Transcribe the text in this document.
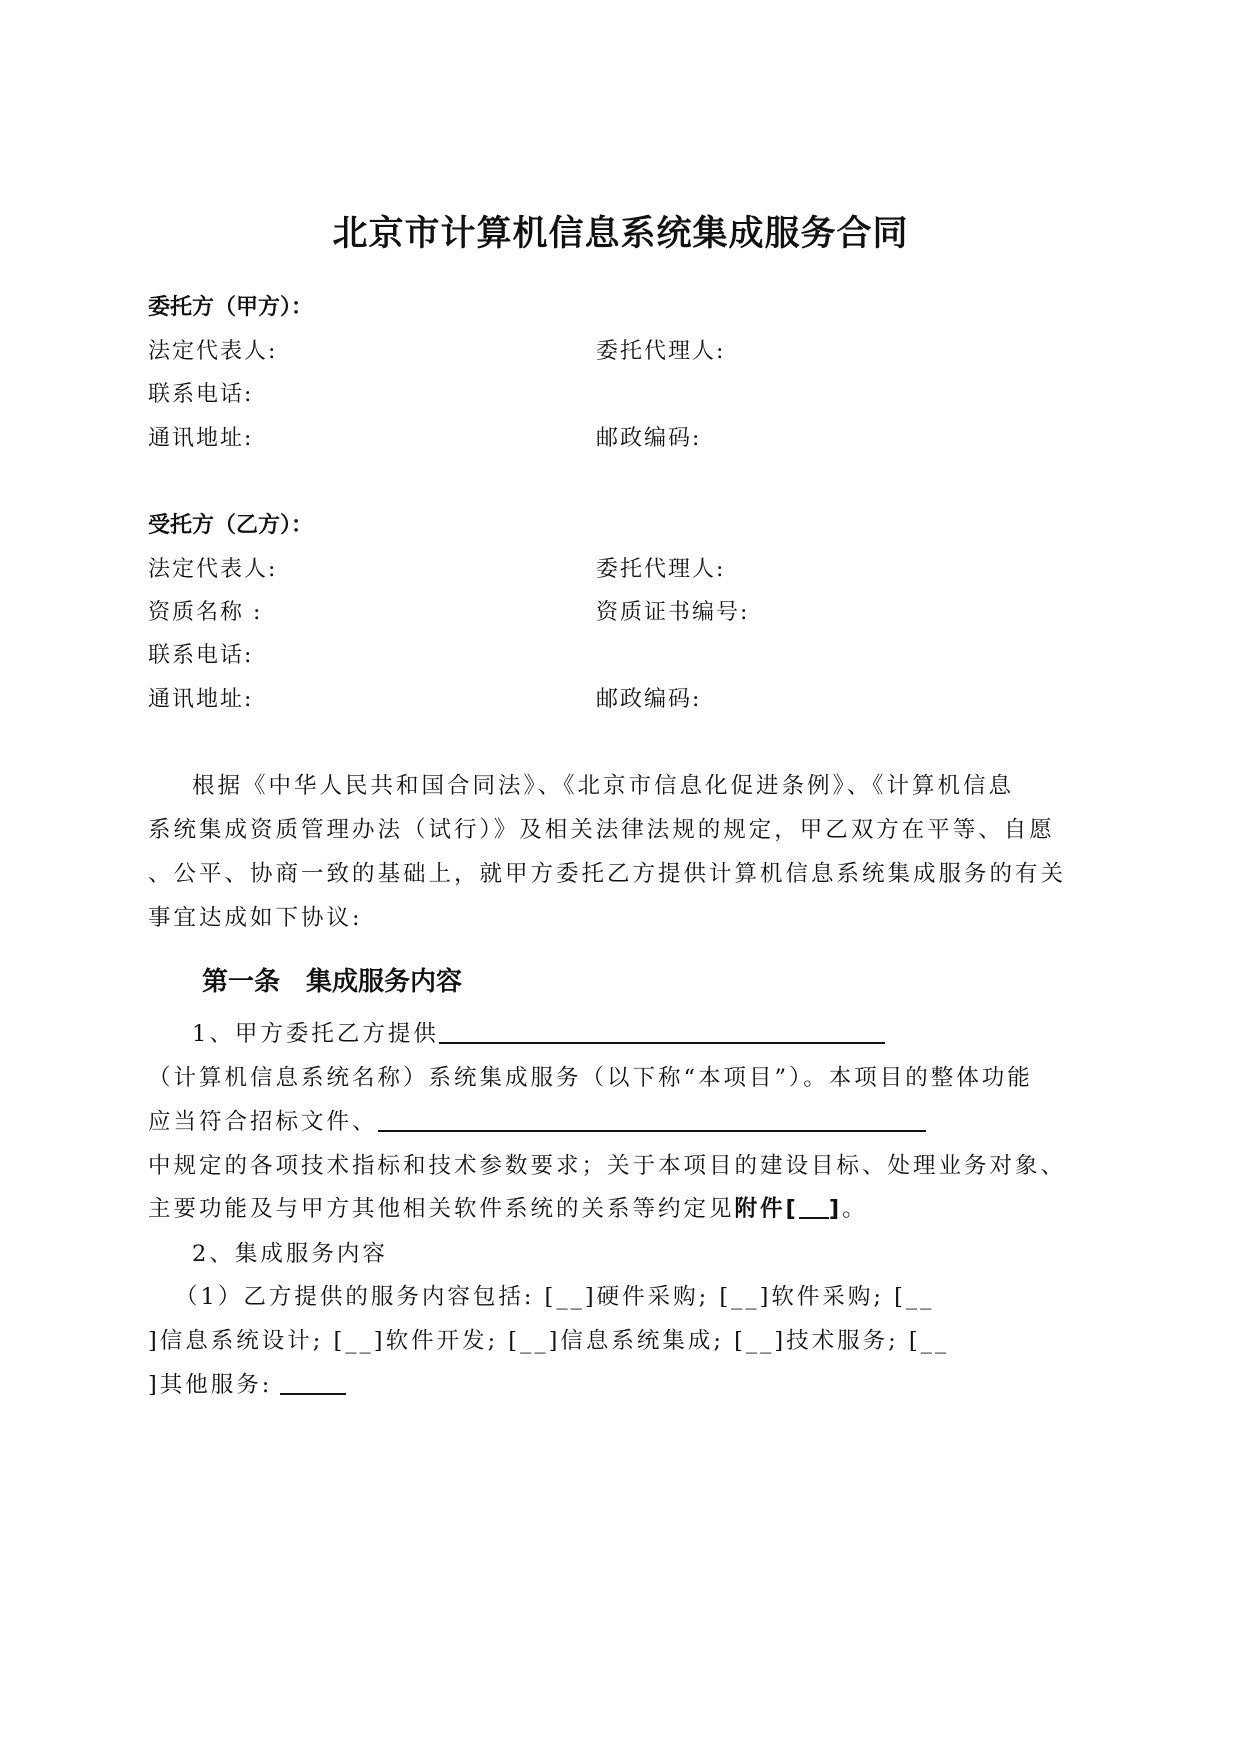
北京市计算机信息系统集成服务合同
委托方（甲方）：
法定代表人:	委托代理人:
联系电话:
通讯地址:	邮政编码:
受托方（乙方）：
法定代表人:	委托代理人:
资质名称 :	资质证书编号:
联系电话:
通讯地址:	邮政编码:
根据《中华人民共和国合同法》、《北京市信息化促进条例》、《计算机信息
系统集成资质管理办法（试行）》及相关法律法规的规定，甲乙双方在平等、自愿
、公平、协商一致的基础上，就甲方委托乙方提供计算机信息系统集成服务的有关
事宜达成如下协议:
第一条　集成服务内容
1、甲方委托乙方提供
（计算机信息系统名称）系统集成服务（以下称“本项目”）。本项目的整体功能
应当符合招标文件、
中规定的各项技术指标和技术参数要求；关于本项目的建设目标、处理业务对象、
主要功能及与甲方其他相关软件系统的关系等约定见附件[ ]。
2、集成服务内容
（1）乙方提供的服务内容包括: [__]硬件采购; [__]软件采购; [__
]信息系统设计; [__]软件开发; [__]信息系统集成; [__]技术服务; [__
]其他服务:
